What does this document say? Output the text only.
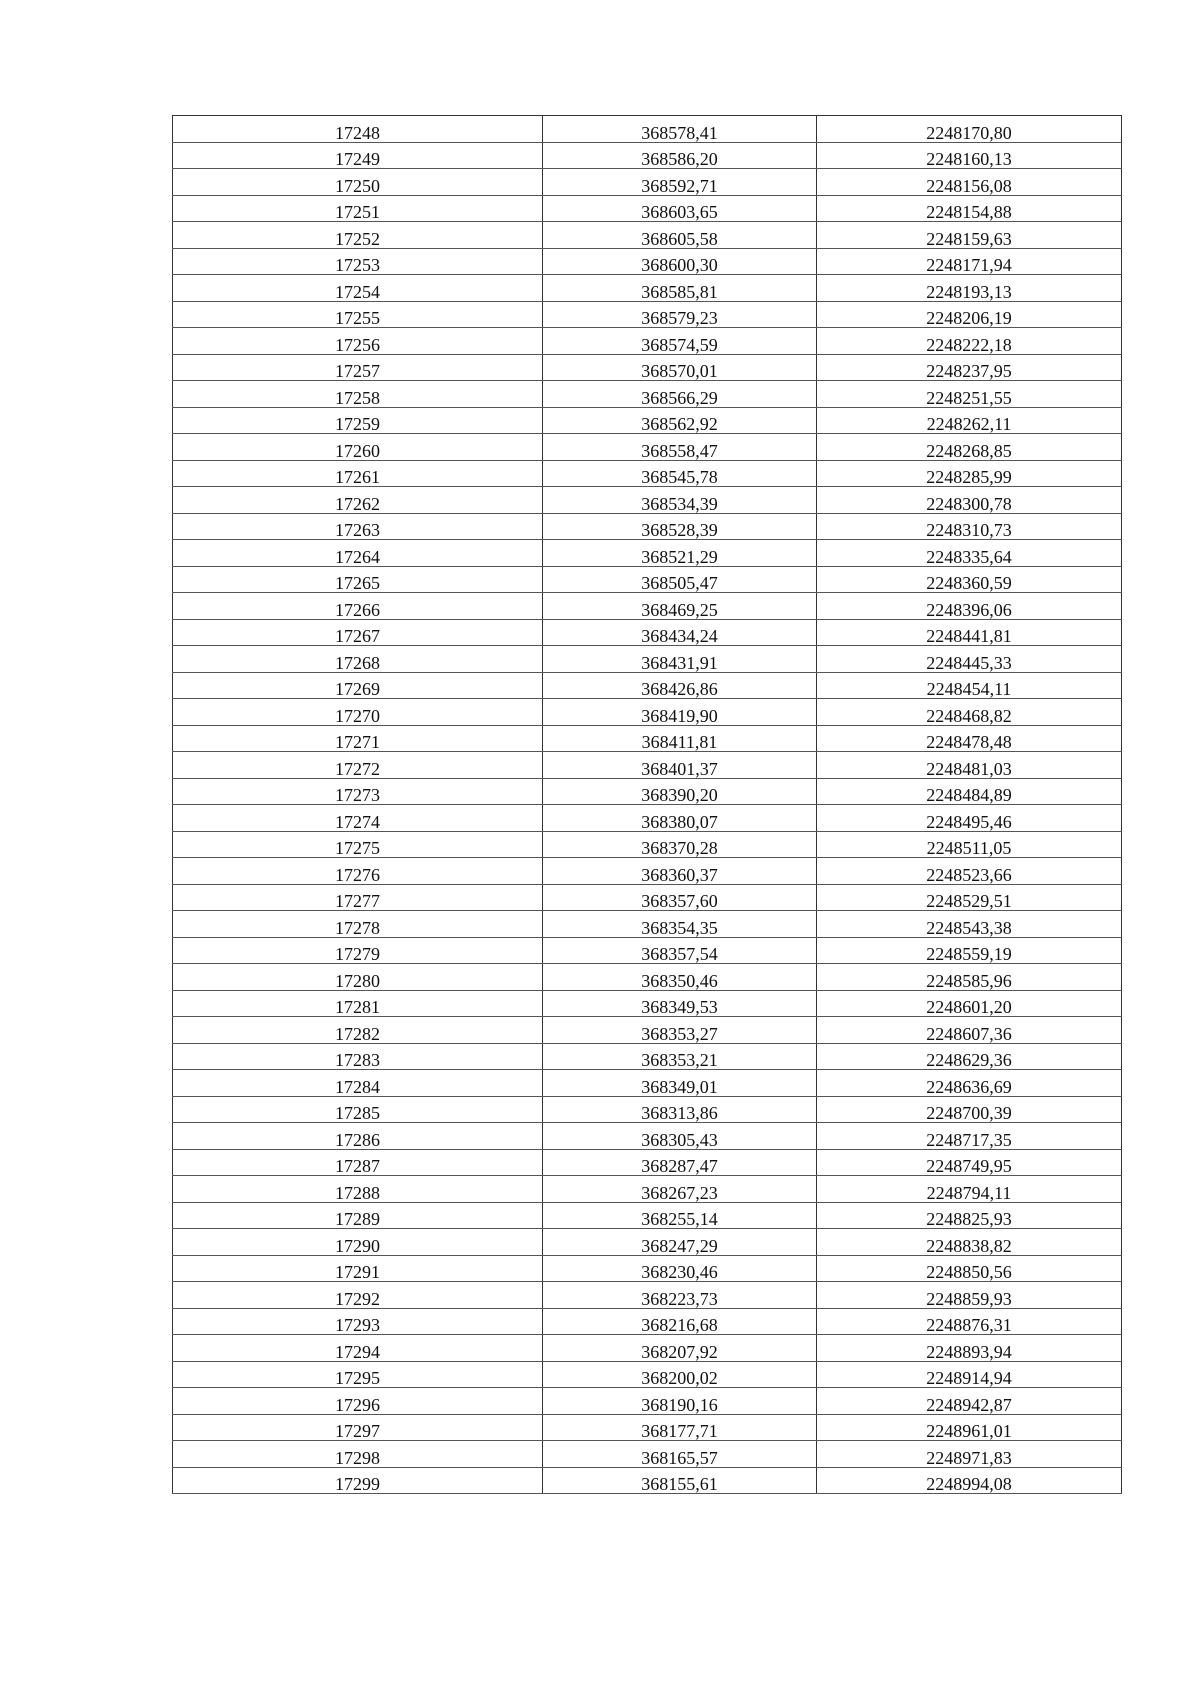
17248	368578,41	2248170,80
17249	368586,20	2248160,13
17250	368592,71	2248156,08
17251	368603,65	2248154,88
17252	368605,58	2248159,63
17253	368600,30	2248171,94
17254	368585,81	2248193,13
17255	368579,23	2248206,19
17256	368574,59	2248222,18
17257	368570,01	2248237,95
17258	368566,29	2248251,55
17259	368562,92	2248262,11
17260	368558,47	2248268,85
17261	368545,78	2248285,99
17262	368534,39	2248300,78
17263	368528,39	2248310,73
17264	368521,29	2248335,64
17265	368505,47	2248360,59
17266	368469,25	2248396,06
17267	368434,24	2248441,81
17268	368431,91	2248445,33
17269	368426,86	2248454,11
17270	368419,90	2248468,82
17271	368411,81	2248478,48
17272	368401,37	2248481,03
17273	368390,20	2248484,89
17274	368380,07	2248495,46
17275	368370,28	2248511,05
17276	368360,37	2248523,66
17277	368357,60	2248529,51
17278	368354,35	2248543,38
17279	368357,54	2248559,19
17280	368350,46	2248585,96
17281	368349,53	2248601,20
17282	368353,27	2248607,36
17283	368353,21	2248629,36
17284	368349,01	2248636,69
17285	368313,86	2248700,39
17286	368305,43	2248717,35
17287	368287,47	2248749,95
17288	368267,23	2248794,11
17289	368255,14	2248825,93
17290	368247,29	2248838,82
17291	368230,46	2248850,56
17292	368223,73	2248859,93
17293	368216,68	2248876,31
17294	368207,92	2248893,94
17295	368200,02	2248914,94
17296	368190,16	2248942,87
17297	368177,71	2248961,01
17298	368165,57	2248971,83
17299	368155,61	2248994,08
